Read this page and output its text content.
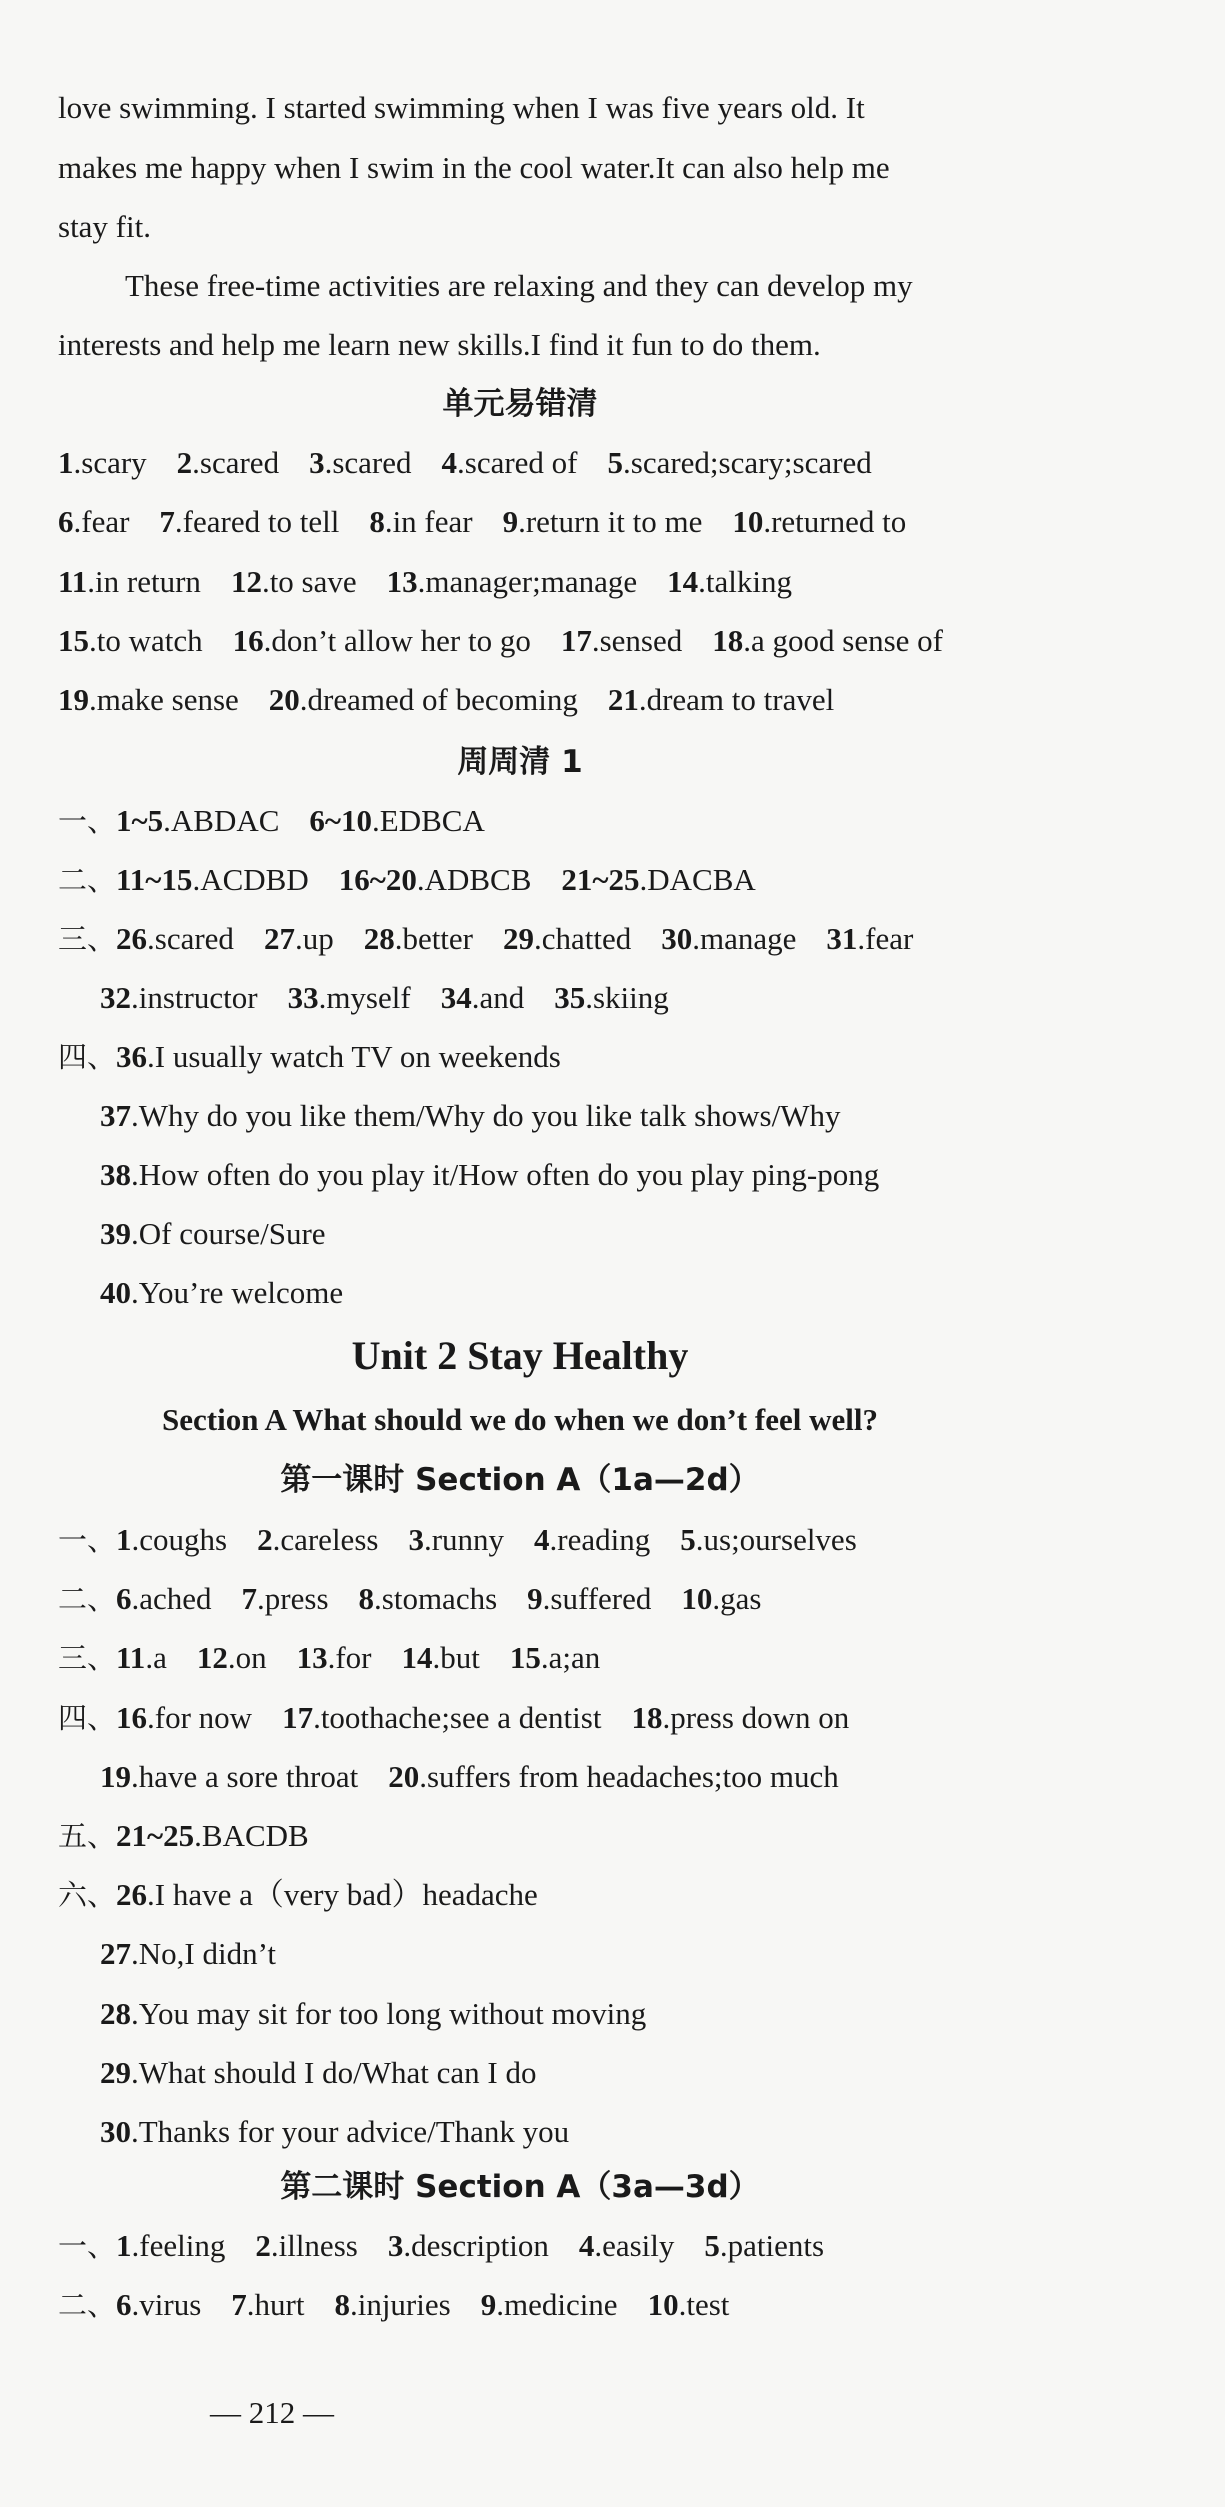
love swimming. I started swimming when I was five years old. It
makes me happy when I swim in the cool water.It can also help me
stay fit.
These free-time activities are relaxing and they can develop my
interests and help me learn new skills.I find it fun to do them.
单元易错清
1.scary 2.scared 3.scared 4.scared of 5.scared;scary;scared
6.fear 7.feared to tell 8.in fear 9.return it to me 10.returned to
11.in return 12.to save 13.manager;manage 14.talking
15.to watch 16.don’t allow her to go 17.sensed 18.a good sense of
19.make sense 20.dreamed of becoming 21.dream to travel
周周清 1
一、1~5.ABDAC 6~10.EDBCA
二、11~15.ACDBD 16~20.ADBCB 21~25.DACBA
三、26.scared 27.up 28.better 29.chatted 30.manage 31.fear
32.instructor 33.myself 34.and 35.skiing
四、36.I usually watch TV on weekends
37.Why do you like them/Why do you like talk shows/Why
38.How often do you play it/How often do you play ping-pong
39.Of course/Sure
40.You’re welcome
Unit 2 Stay Healthy
Section A What should we do when we don’t feel well?
第一课时 Section A（1a—2d）
一、1.coughs 2.careless 3.runny 4.reading 5.us;ourselves
二、6.ached 7.press 8.stomachs 9.suffered 10.gas
三、11.a 12.on 13.for 14.but 15.a;an
四、16.for now 17.toothache;see a dentist 18.press down on
19.have a sore throat 20.suffers from headaches;too much
五、21~25.BACDB
六、26.I have a（very bad）headache
27.No,I didn’t
28.You may sit for too long without moving
29.What should I do/What can I do
30.Thanks for your advice/Thank you
第二课时 Section A（3a—3d）
一、1.feeling 2.illness 3.description 4.easily 5.patients
二、6.virus 7.hurt 8.injuries 9.medicine 10.test
— 212 —
